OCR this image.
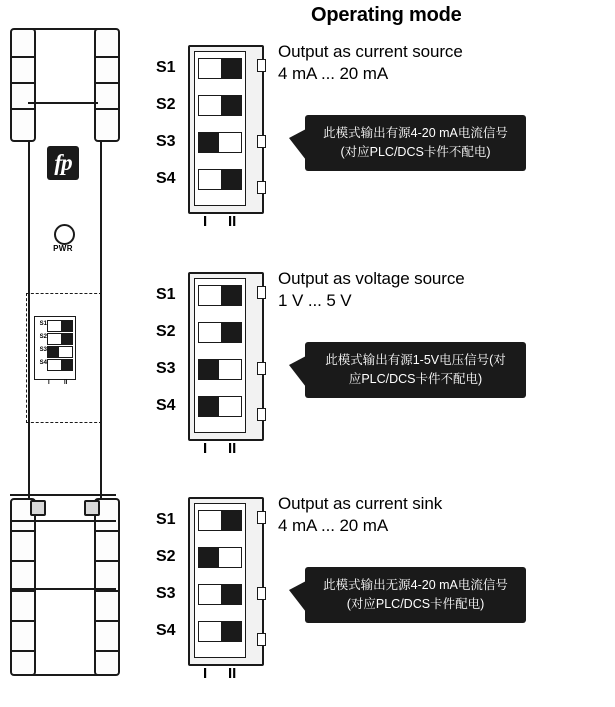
fp
PWR
S1
S2
S3
S4
I II
Operating mode
S1
S2
S3
S4
I II
Output as current source
4 mA ... 20 mA
此模式输出有源4-20 mA电流信号(对应PLC/DCS卡件不配电)
S1
S2
S3
S4
I II
Output as voltage source
1 V ... 5 V
此模式输出有源1-5V电压信号(对应PLC/DCS卡件不配电)
S1
S2
S3
S4
I II
Output as current sink
4 mA ... 20 mA
此模式输出无源4-20 mA电流信号(对应PLC/DCS卡件配电)
